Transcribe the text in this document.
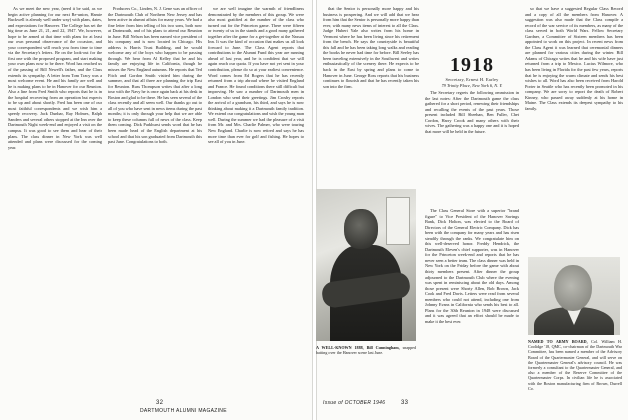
As we meet the new year, (need it be said, as we begin active planning for our next Re-union, Hamie Buckwell is already well under way) with plans, dates, and expectations for Hanover. The College has set the big time as June 21, 21, and 22, 1947. We, however, hope to be armed at that time with plans for at least our own personal observance of the occasion, and your correspondent will reach you from time to time via the Secretary's letters. Be on the look-out for the first one with the proposed program, and start making your own plans now to be there. Word has reached us of the passing of Bill Newell's father, and the Class extends its sympathy. A letter from Tom Tracy was a most welcome event. He and his family are well and he is making plans to be in Hanover for our Reunion. Also a line from Fred Smith who reports that he is in the hospital recovering from an operation but expects to be up and about shortly. Fred has been one of our most faithful correspondents and we wish him a speedy recovery. Jack Dunbar, Ray Holmes, Ralph Sanders and several others stopped at the Inn over the Dartmouth Night week-end and enjoyed a visit on the campus. It was good to see them and hear of their plans. The class dinner in New York was well attended and plans were discussed for the coming year.

Producers Co., Linden, N. J. Gene was an officer of the Dartmouth Club of Northern New Jersey and has been active in alumni affairs for many years. We had a fine letter from him telling of his two sons, both now at Dartmouth, and of his plans to attend our Reunion in June. Bill Nelson has been named vice president of his company and is now located in Chicago. His address is Harris Trust Building, and he would welcome any of the boys who happen to be passing through. We hear from Al Kelley that he and his family are enjoying life in California, though he misses the New England autumns. He reports that Ted Fitch and Gordon Smith visited him during the summer, and that all three are planning the trip East for Reunion. Russ Thompson writes that after a long tour with the Navy he is once again back at his desk in Boston and glad to be there. He has seen several of the class recently and all seem well. Our thanks go out to all of you who have sent in news items during the past months; it is only through your help that we are able to keep these columns full of news of the class. Keep them coming. Dick Parkhurst sends word that he has been made head of the English department at his school and that his son graduated from Dartmouth this past June. Congratulations to both.

we are well imagine the warmth of friendliness demonstrated by the members of this group. We were also most gratified at the number of the class who turned out for the Princeton game. There were fifteen or twenty of us in the stands and a good many gathered together after the game for a get-together at the Nassau Inn. It was the kind of occasion that makes us all look forward to June. The Class Agent reports that contributions to the Alumni Fund this year are running ahead of last year, and he is confident that we will again reach our quota. If you have not yet sent in your contribution, please do so at your earliest convenience. Word comes from Ed Rogers that he has recently returned from a trip abroad where he visited England and France. He found conditions there still difficult but improving. He saw a number of Dartmouth men in London who send their greetings. Jim Crosby reports the arrival of a grandson, his third, and says he is now thinking about making it a Dartmouth family tradition. We extend our congratulations and wish the young man well. During the summer we had the pleasure of a visit from Mr. and Mrs. Charlie Palmer, who were touring New England. Charlie is now retired and says he has more time than ever for golf and fishing. He hopes to see all of you in June.

32
DARTMOUTH ALUMNI MAGAZINE

that the Senior is personally more happy and his business is prospering. And we will add that we hear from him that the Senior is personally more happy than ever, with many news items of interest to all the Class. Judge Hubert Yale also writes from his home in Vermont where he has been living since his retirement from the bench. He says the countryside is beautiful this fall and he has been taking long walks and reading the books he never had time for before. Bill Seeley has been traveling extensively in the Southwest and writes enthusiastically of the scenery there. He expects to be back in the East by spring and plans to come to Hanover in June. George Ross reports that his business continues to flourish and that he has recently taken his son into the firm.

1918
Secretary, Ernest H. Earley
79 Trinity Place, New York 6, N. Y.

The Secretary regrets the following ommission in the last notes: After the Dartmouth game the class gathered for a short period, renewing their friendships and recalling the events of the past years. Those present included Bill Sheehan, Ben Fuller, Chet Cordon, Harry Crook and many others with their wives. The gathering was a happy one and it is hoped that more will be held in the future.

The Class General Store with a superior "brand figure" to Vice President of the Hanover Savings Bank, Dick Holton, was elected to the Board of Directors of the General Electric Company. Dick has been with the company for many years and has risen steadily through the ranks. We congratulate him on this well-deserved honor. Freddy Hendrick, the Dartmouth Eleven's chief supporter, was in Hanover for the Princeton week-end and reports that he has never seen a better team. The class dinner was held in New York on the Friday before the game with about thirty members present. After dinner the group adjourned to the Dartmouth Club where the evening was spent in reminiscing about the old days. Among those present were Shorty Allen, Bob Brown, Jack Cook and Fred Davis. Letters were read from several members who could not attend, including one from Johnny Evans in California who sends his best to all. Plans for the 30th Reunion in 1948 were discussed and it was agreed that an effort should be made to make it the best ever.

so that we have a suggested Regular Class Record and a copy of all the members from Hanover. A suggestion was also made that the Class compile a record of the war service of its members, as many of the class served in both World Wars. Fellow Secretary Gardner, a Committee of Sixteen members has been appointed to work on this project. In recent news from the Class Agent it was learned that ceremonial dinners are planned for various cities during the winter. Bill Adams of Chicago writes that he and his wife have just returned from a trip to Mexico. Lucius Wilmore, who has been living in Florida for the past few years, reports that he is enjoying the warm climate and sends his best wishes to all. Word has also been received from Harold Porter in Seattle who has recently been promoted in his company. We are sorry to report the death of Robert Kinney, who passed away suddenly at his home in Maine. The Class extends its deepest sympathy to his family.

Issue of OCTOBER 1946	33
A WELL-KNOWN 1888, Bill Cunningham, snapped batting over the Hanover scene last June.
NAMED TO ARMY BOARD, Col. William H. Coolidge '18, QMC, co-chairman of the Dartmouth War Committee, has been named a member of the Advisory Board of the Quartermaster General, and will serve on the Quartermaster General's advisory council. He was formerly a consultant to the Quartermaster General, and also a member of the Reserve Committee of the Quartermaster Corps. In civilian life he is associated with the Boston manufacturing firm of Brown, Durrell Co.
